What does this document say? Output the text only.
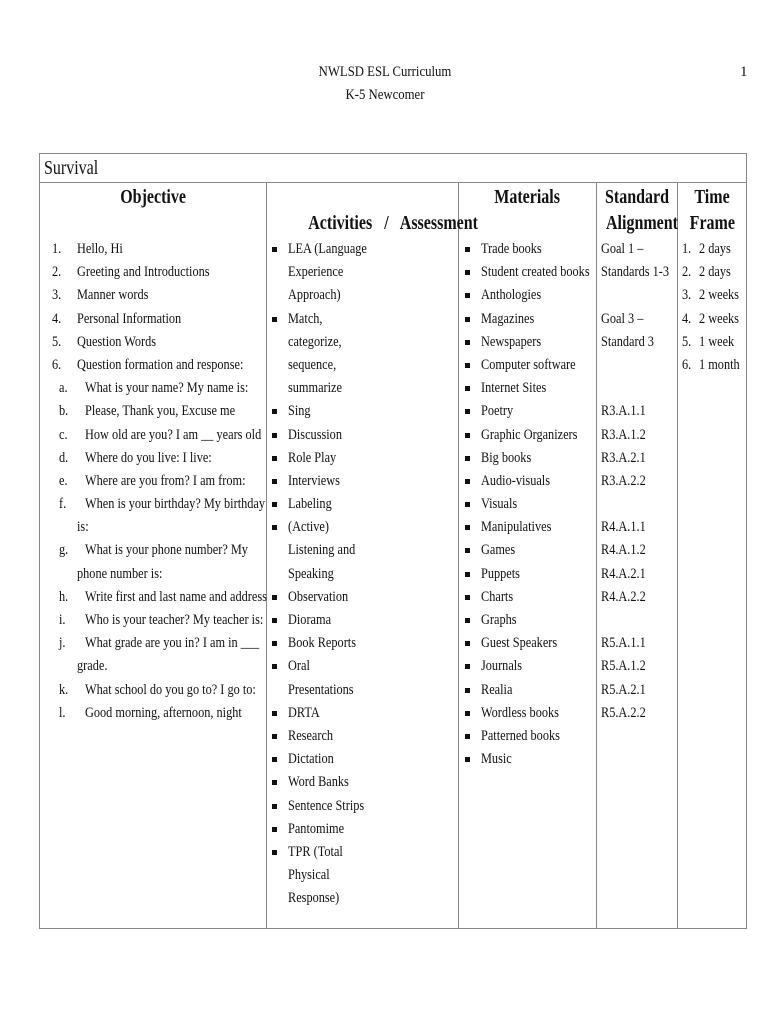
NWLSD ESL Curriculum
K-5 Newcomer
1
Survival
Objective

Activities   /   Assessment

Materials	Standard
Alignment
Time
Frame
1. Hello, Hi
2. Greeting and Introductions
3. Manner words
4. Personal Information
5. Question Words
6. Question formation and response:
a. What is your name? My name is:
b. Please, Thank you, Excuse me
c. How old are you? I am __ years old
d. Where do you live: I live:
e. Where are you from? I am from:
f. When is your birthday? My birthday
is:
g. What is your phone number? My
phone number is:
h. Write first and last name and address
i. Who is your teacher? My teacher is:
j. What grade are you in? I am in ___
grade.
k. What school do you go to? I go to:
l. Good morning, afternoon, night
LEA (Language
Experience
Approach)
Match,
categorize,
sequence,
summarize
Sing
Discussion
Role Play
Interviews
Labeling
(Active)
Listening and
Speaking
Observation
Diorama
Book Reports
Oral
Presentations
DRTA
Research
Dictation
Word Banks
Sentence Strips
Pantomime
TPR (Total
Physical
Response)
Trade books
Student created books
Anthologies
Magazines
Newspapers
Computer software
Internet Sites
Poetry
Graphic Organizers
Big books
Audio-visuals
Visuals
Manipulatives
Games
Puppets
Charts
Graphs
Guest Speakers
Journals
Realia
Wordless books
Patterned books
Music
Goal 1 –
Standards 1-3
Goal 3 –
Standard 3
R3.A.1.1
R3.A.1.2
R3.A.2.1
R3.A.2.2
R4.A.1.1
R4.A.1.2
R4.A.2.1
R4.A.2.2
R5.A.1.1
R5.A.1.2
R5.A.2.1
R5.A.2.2
1. 2 days
2. 2 days
3. 2 weeks
4. 2 weeks
5. 1 week
6. 1 month
